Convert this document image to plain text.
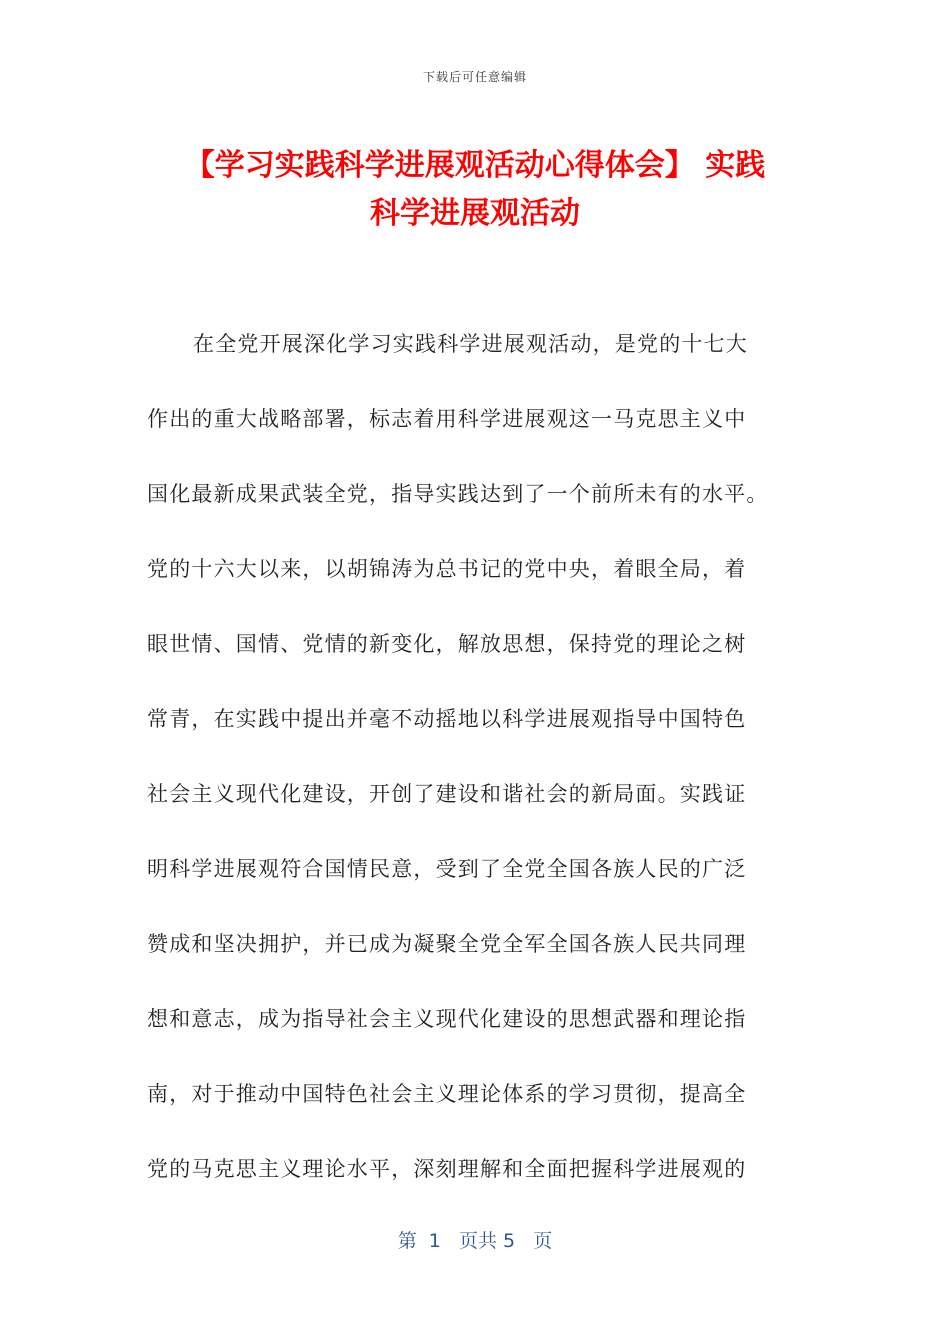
下载后可任意编辑
【学习实践科学进展观活动心得体会】 实践
科学进展观活动
在全党开展深化学习实践科学进展观活动，是党的十七大
作出的重大战略部署，标志着用科学进展观这一马克思主义中
国化最新成果武装全党，指导实践达到了一个前所未有的水平。
党的十六大以来，以胡锦涛为总书记的党中央，着眼全局，着
眼世情、国情、党情的新变化，解放思想，保持党的理论之树
常青，在实践中提出并毫不动摇地以科学进展观指导中国特色
社会主义现代化建设，开创了建设和谐社会的新局面。实践证
明科学进展观符合国情民意，受到了全党全国各族人民的广泛
赞成和坚决拥护，并已成为凝聚全党全军全国各族人民共同理
想和意志，成为指导社会主义现代化建设的思想武器和理论指
南，对于推动中国特色社会主义理论体系的学习贯彻，提高全
党的马克思主义理论水平，深刻理解和全面把握科学进展观的
第  1   页共 5   页
